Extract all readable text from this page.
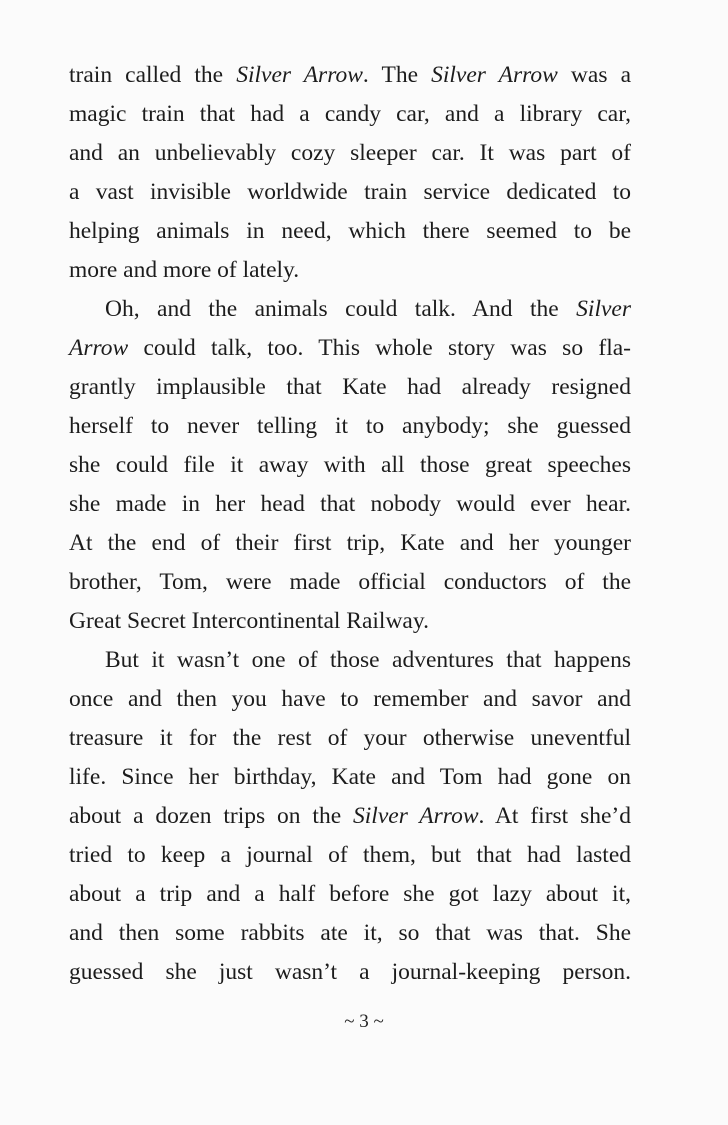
train called the Silver Arrow. The Silver Arrow was a
magic train that had a candy car, and a library car,
and an unbelievably cozy sleeper car. It was part of
a vast invisible worldwide train service dedicated to
helping animals in need, which there seemed to be
more and more of lately.
Oh, and the animals could talk. And the Silver
Arrow could talk, too. This whole story was so fla-
grantly implausible that Kate had already resigned
herself to never telling it to anybody; she guessed
she could file it away with all those great speeches
she made in her head that nobody would ever hear.
At the end of their first trip, Kate and her younger
brother, Tom, were made official conductors of the
Great Secret Intercontinental Railway.
But it wasn’t one of those adventures that happens
once and then you have to remember and savor and
treasure it for the rest of your otherwise uneventful
life. Since her birthday, Kate and Tom had gone on
about a dozen trips on the Silver Arrow. At first she’d
tried to keep a journal of them, but that had lasted
about a trip and a half before she got lazy about it,
and then some rabbits ate it, so that was that. She
guessed she just wasn’t a journal-keeping person.
~ 3 ~
